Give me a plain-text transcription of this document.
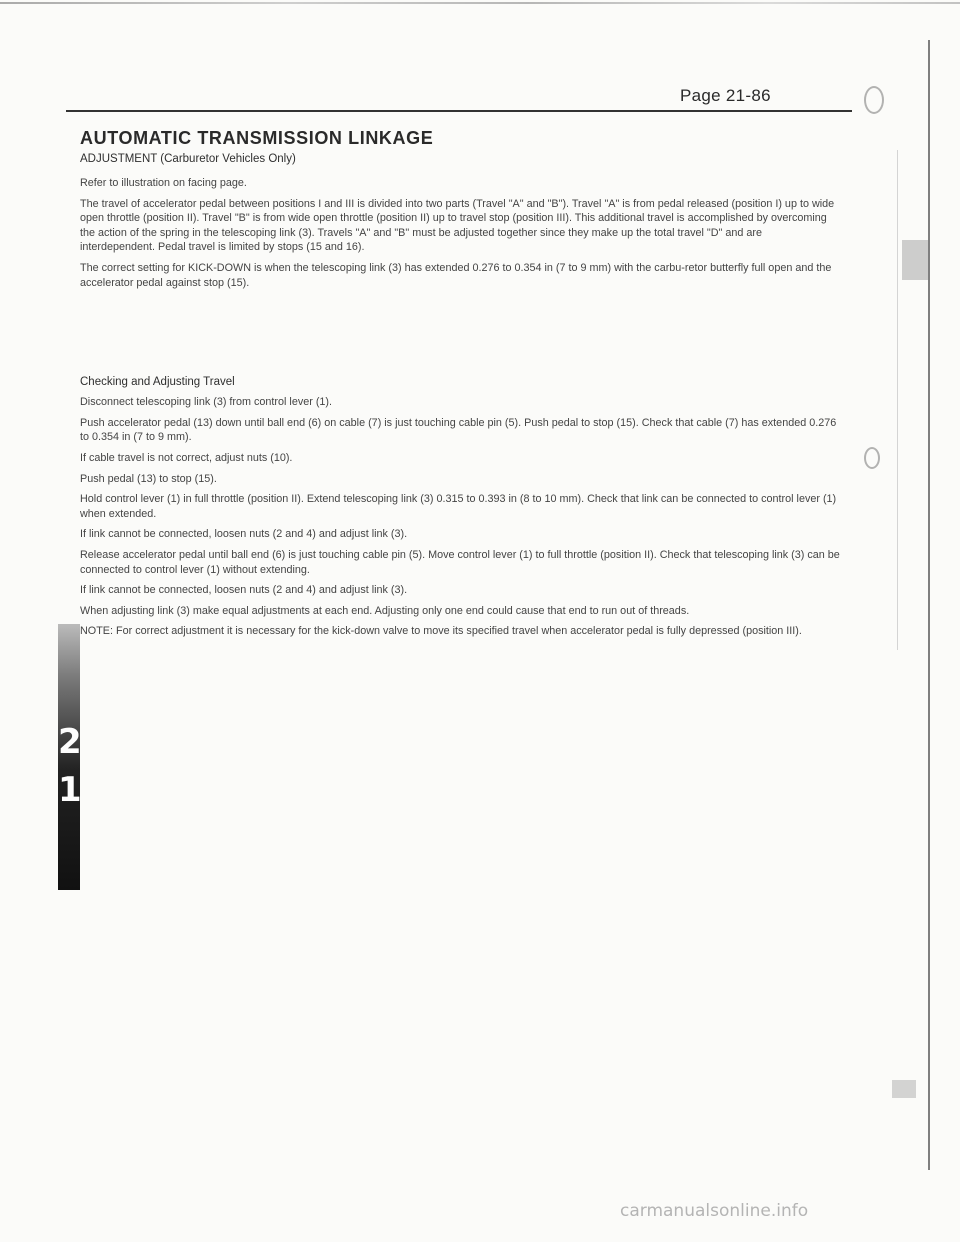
Page 21-86
AUTOMATIC TRANSMISSION LINKAGE
ADJUSTMENT (Carburetor Vehicles Only)

Refer to illustration on facing page.

The travel of accelerator pedal between positions I and III is divided into two parts (Travel "A" and "B"). Travel "A" is from pedal released (position I) up to wide open throttle (position II). Travel "B" is from wide open throttle (position II) up to travel stop (position III). This additional travel is accomplished by overcoming the action of the spring in the telescoping link (3). Travels "A" and "B" must be adjusted together since they make up the total travel "D" and are interdependent. Pedal travel is limited by stops (15 and 16).

The correct setting for KICK-DOWN is when the telescoping link (3) has extended 0.276 to 0.354 in (7 to 9 mm) with the carbu-retor butterfly full open and the accelerator pedal against stop (15).

Checking and Adjusting Travel

Disconnect telescoping link (3) from control lever (1).

Push accelerator pedal (13) down until ball end (6) on cable (7) is just touching cable pin (5). Push pedal to stop (15). Check that cable (7) has extended 0.276 to 0.354 in (7 to 9 mm).

If cable travel is not correct, adjust nuts (10).

Push pedal (13) to stop (15).

Hold control lever (1) in full throttle (position II). Extend telescoping link (3) 0.315 to 0.393 in (8 to 10 mm). Check that link can be connected to control lever (1) when extended.

If link cannot be connected, loosen nuts (2 and 4) and adjust link (3).

Release accelerator pedal until ball end (6) is just touching cable pin (5). Move control lever (1) to full throttle (position II). Check that telescoping link (3) can be connected to control lever (1) without extending.

If link cannot be connected, loosen nuts (2 and 4) and adjust link (3).

When adjusting link (3) make equal adjustments at each end. Adjusting only one end could cause that end to run out of threads.

NOTE: For correct adjustment it is necessary for the kick-down valve to move its specified travel when accelerator pedal is fully depressed (position III).

2
1
carmanualsonline.info
